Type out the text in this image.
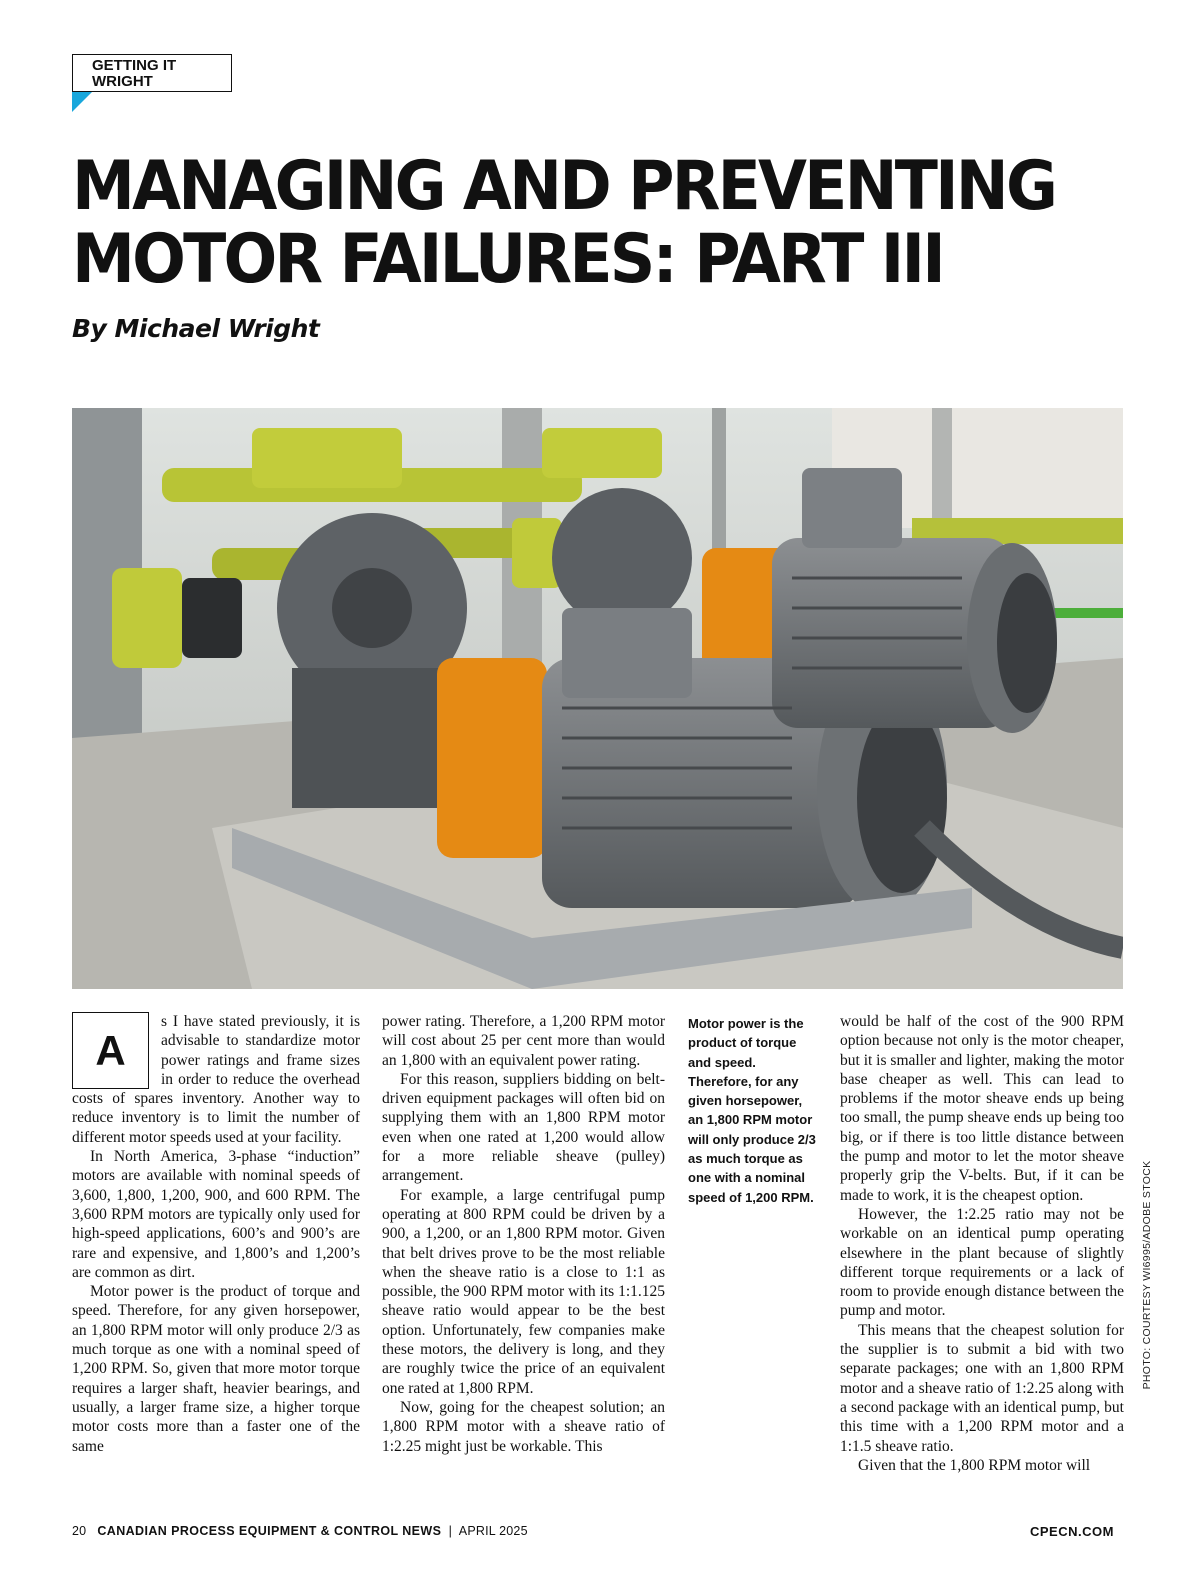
GETTING IT
WRIGHT
MANAGING AND PREVENTING
MOTOR FAILURES: PART III
By Michael Wright
PHOTO: COURTESY WI6995/ADOBE STOCK
A

s I have stated previously, it is advisable to standardize motor power ratings and frame sizes in order to reduce the overhead costs of spares inventory. Another way to reduce inventory is to limit the number of different motor speeds used at your facility.

In North America, 3-phase “induction” motors are available with nominal speeds of 3,600, 1,800, 1,200, 900, and 600 RPM. The 3,600 RPM motors are typically only used for high-speed applications, 600’s and 900’s are rare and expensive, and 1,800’s and 1,200’s are common as dirt.

Motor power is the product of torque and speed. Therefore, for any given horsepower, an 1,800 RPM motor will only produce 2/3 as much torque as one with a nominal speed of 1,200 RPM. So, given that more motor torque requires a larger shaft, heavier bearings, and usually, a larger frame size, a higher torque motor costs more than a faster one of the same

power rating. Therefore, a 1,200 RPM motor will cost about 25 per cent more than would an 1,800 with an equivalent power rating.

For this reason, suppliers bidding on belt-driven equipment packages will often bid on supplying them with an 1,800 RPM motor even when one rated at 1,200 would allow for a more reliable sheave (pulley) arrangement.

For example, a large centrifugal pump operating at 800 RPM could be driven by a 900, a 1,200, or an 1,800 RPM motor. Given that belt drives prove to be the most reliable when the sheave ratio is a close to 1:1 as possible, the 900 RPM motor with its 1:1.125 sheave ratio would appear to be the best option. Unfortunately, few companies make these motors, the delivery is long, and they are roughly twice the price of an equivalent one rated at 1,800 RPM.

Now, going for the cheapest solution; an 1,800 RPM motor with a sheave ratio of 1:2.25 might just be workable. This

Motor power is the product of torque and speed. Therefore, for any given horsepower, an 1,800 RPM motor will only produce 2/3 as much torque as one with a nominal speed of 1,200 RPM.

would be half of the cost of the 900 RPM option because not only is the motor cheaper, but it is smaller and lighter, making the motor base cheaper as well. This can lead to problems if the motor sheave ends up being too small, the pump sheave ends up being too big, or if there is too little distance between the pump and motor to let the motor sheave properly grip the V-belts. But, if it can be made to work, it is the cheapest option.

However, the 1:2.25 ratio may not be workable on an identical pump operating elsewhere in the plant because of slightly different torque requirements or a lack of room to provide enough distance between the pump and motor.

This means that the cheapest solution for the supplier is to submit a bid with two separate packages; one with an 1,800 RPM motor and a sheave ratio of 1:2.25 along with a second package with an identical pump, but this time with a 1,200 RPM motor and a 1:1.5 sheave ratio.

Given that the 1,800 RPM motor will

20 CANADIAN PROCESS EQUIPMENT & CONTROL NEWS | APRIL 2025	CPECN.COM
